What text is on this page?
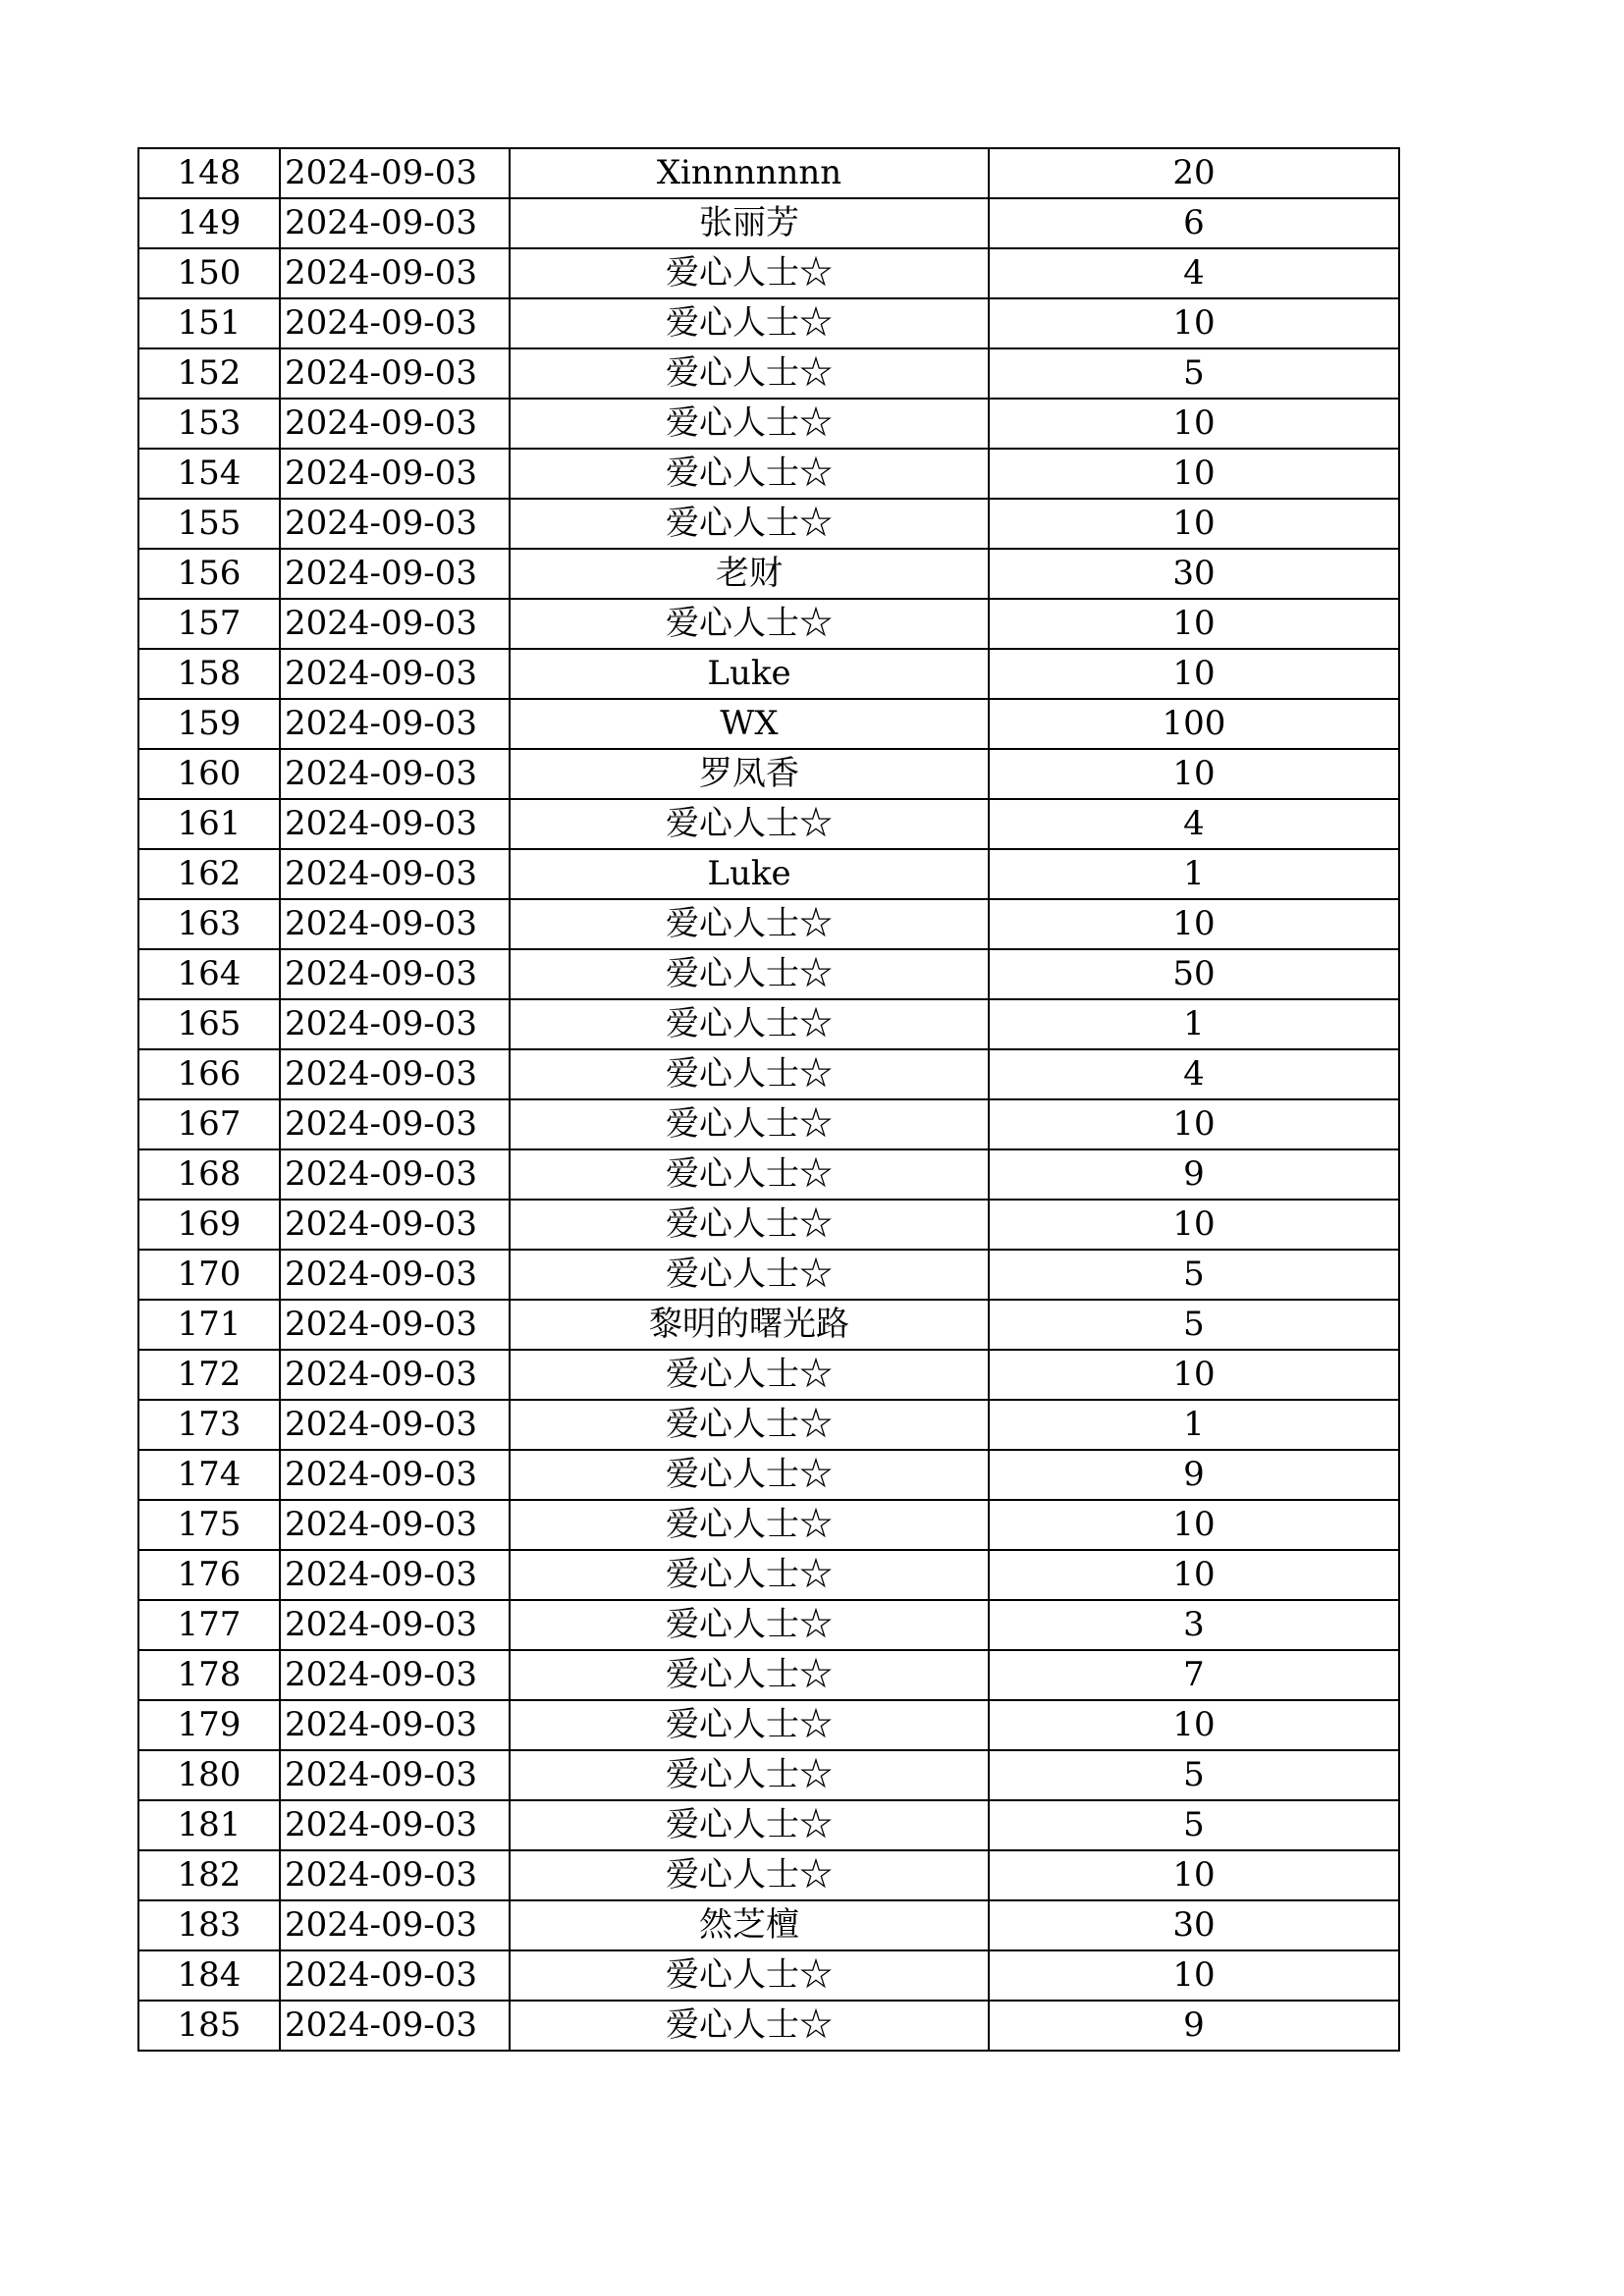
148	2024-09-03	Xinnnnnnn	20
149	2024-09-03	张丽芳	6
150	2024-09-03	爱心人士☆	4
151	2024-09-03	爱心人士☆	10
152	2024-09-03	爱心人士☆	5
153	2024-09-03	爱心人士☆	10
154	2024-09-03	爱心人士☆	10
155	2024-09-03	爱心人士☆	10
156	2024-09-03	老财	30
157	2024-09-03	爱心人士☆	10
158	2024-09-03	Luke	10
159	2024-09-03	WX	100
160	2024-09-03	罗凤香	10
161	2024-09-03	爱心人士☆	4
162	2024-09-03	Luke	1
163	2024-09-03	爱心人士☆	10
164	2024-09-03	爱心人士☆	50
165	2024-09-03	爱心人士☆	1
166	2024-09-03	爱心人士☆	4
167	2024-09-03	爱心人士☆	10
168	2024-09-03	爱心人士☆	9
169	2024-09-03	爱心人士☆	10
170	2024-09-03	爱心人士☆	5
171	2024-09-03	黎明的曙光路	5
172	2024-09-03	爱心人士☆	10
173	2024-09-03	爱心人士☆	1
174	2024-09-03	爱心人士☆	9
175	2024-09-03	爱心人士☆	10
176	2024-09-03	爱心人士☆	10
177	2024-09-03	爱心人士☆	3
178	2024-09-03	爱心人士☆	7
179	2024-09-03	爱心人士☆	10
180	2024-09-03	爱心人士☆	5
181	2024-09-03	爱心人士☆	5
182	2024-09-03	爱心人士☆	10
183	2024-09-03	然芝檀	30
184	2024-09-03	爱心人士☆	10
185	2024-09-03	爱心人士☆	9
